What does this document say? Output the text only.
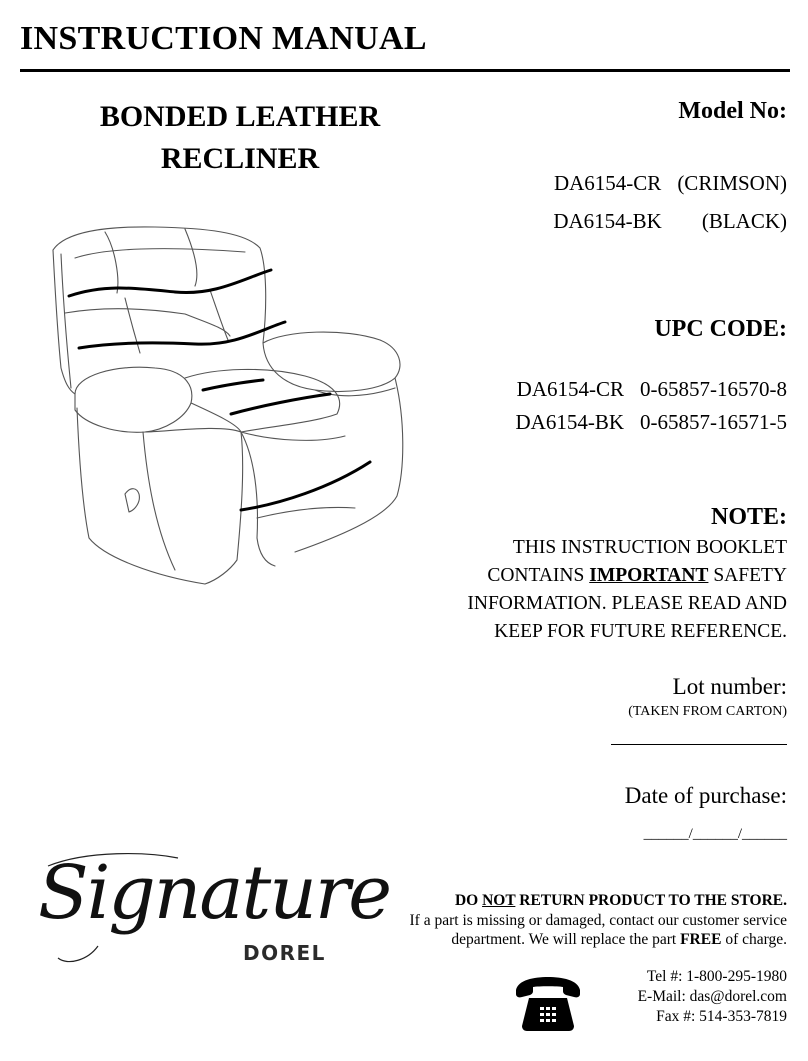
INSTRUCTION MANUAL
BONDED LEATHER
RECLINER
Model No:

DA6154-CR (CRIMSON)

DA6154-BK (BLACK)

UPC CODE:

DA6154-CR 0-65857-16570-8

DA6154-BK 0-65857-16571-5

NOTE:
THIS INSTRUCTION BOOKLET
CONTAINS IMPORTANT SAFETY
INFORMATION. PLEASE READ AND
KEEP FOR FUTURE REFERENCE.
Lot number:
(TAKEN FROM CARTON)
Date of purchase:
______/______/______
Signature
DOREL
DO NOT RETURN PRODUCT TO THE STORE.
If a part is missing or damaged, contact our customer service
department. We will replace the part FREE of charge.
Tel #: 1-800-295-1980
E-Mail: das@dorel.com
Fax #: 514-353-7819
